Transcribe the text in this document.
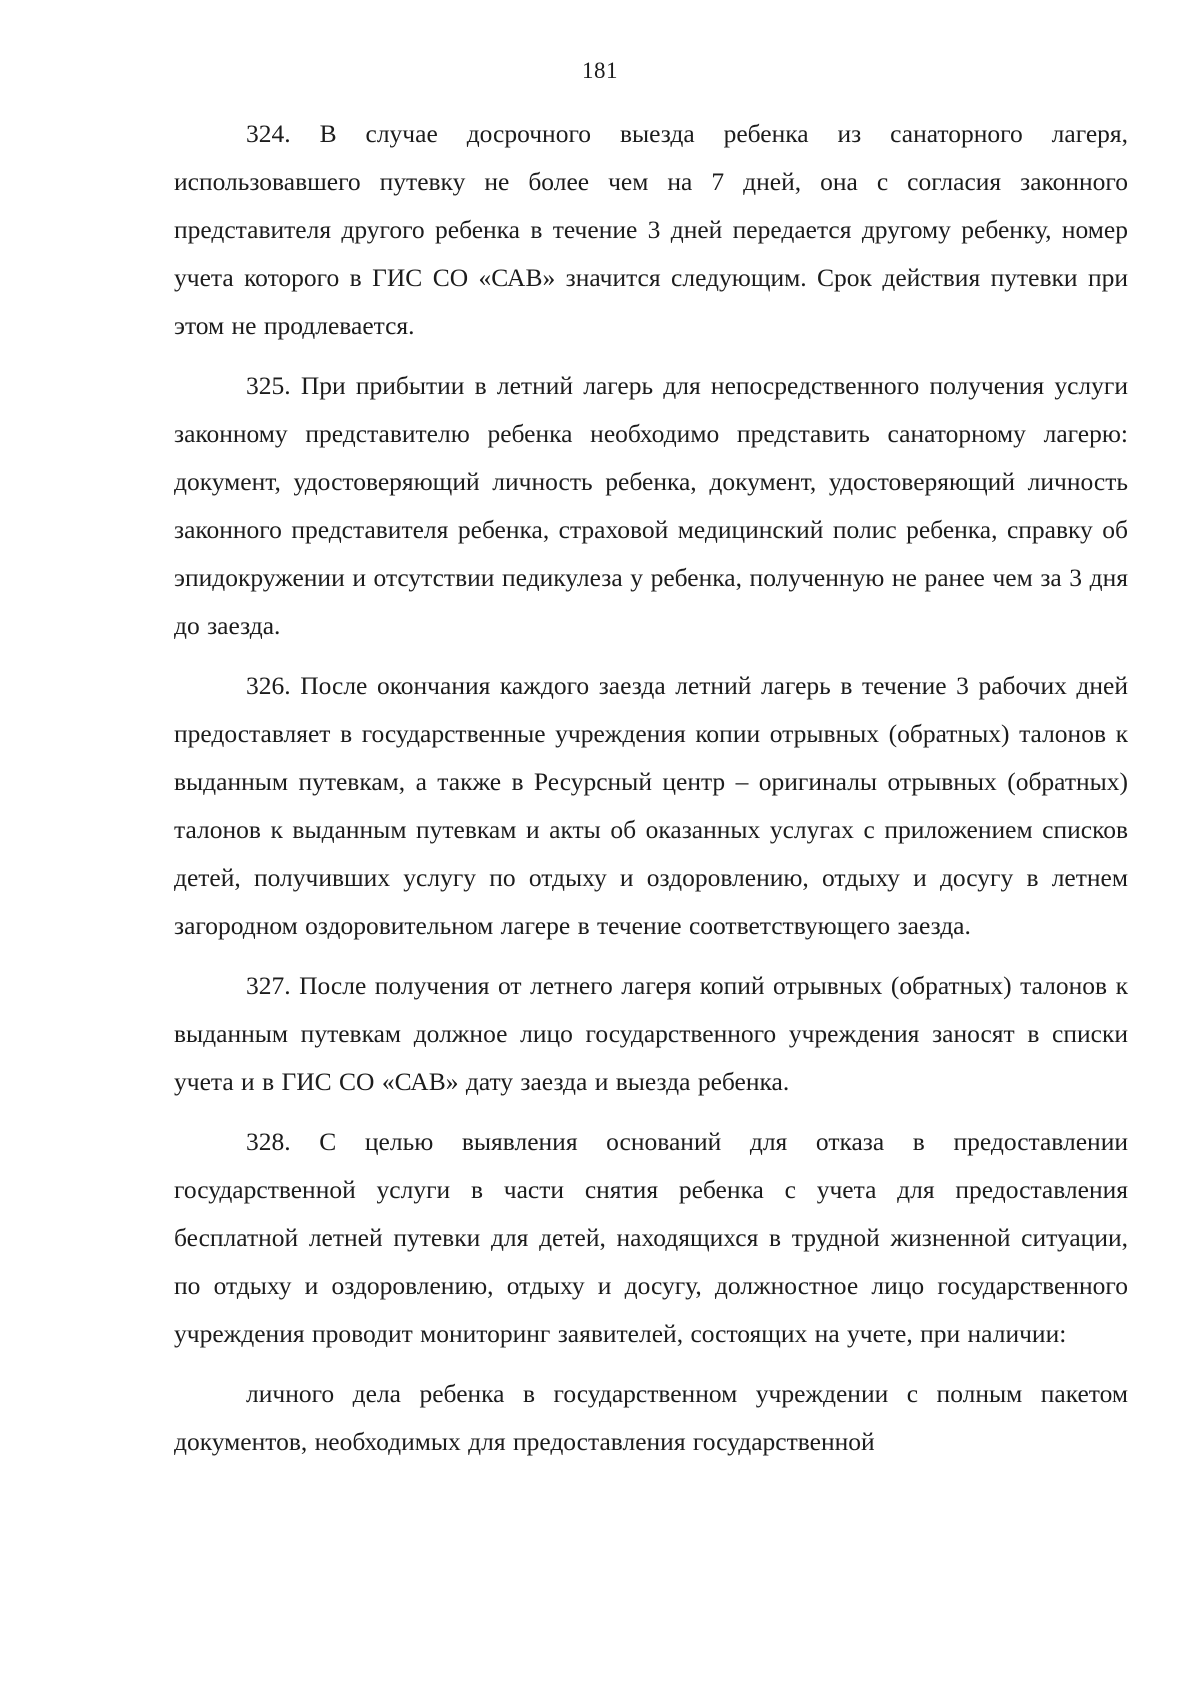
181

324. В случае досрочного выезда ребенка из санаторного лагеря, использовавшего путевку не более чем на 7 дней, она с согласия законного представителя другого ребенка в течение 3 дней передается другому ребенку, номер учета которого в ГИС СО «САВ» значится следующим. Срок действия путевки при этом не продлевается.

325. При прибытии в летний лагерь для непосредственного получения услуги законному представителю ребенка необходимо представить санаторному лагерю: документ, удостоверяющий личность ребенка, документ, удостоверяющий личность законного представителя ребенка, страховой медицинский полис ребенка, справку об эпидокружении и отсутствии педикулеза у ребенка, полученную не ранее чем за 3 дня до заезда.

326. После окончания каждого заезда летний лагерь в течение 3 рабочих дней предоставляет в государственные учреждения копии отрывных (обратных) талонов к выданным путевкам, а также в Ресурсный центр – оригиналы отрывных (обратных) талонов к выданным путевкам и акты об оказанных услугах с приложением списков детей, получивших услугу по отдыху и оздоровлению, отдыху и досугу в летнем загородном оздоровительном лагере в течение соответствующего заезда.

327. После получения от летнего лагеря копий отрывных (обратных) талонов к выданным путевкам должное лицо государственного учреждения заносят в списки учета и в ГИС СО «САВ» дату заезда и выезда ребенка.

328. С целью выявления оснований для отказа в предоставлении государственной услуги в части снятия ребенка с учета для предоставления бесплатной летней путевки для детей, находящихся в трудной жизненной ситуации, по отдыху и оздоровлению, отдыху и досугу, должностное лицо государственного учреждения проводит мониторинг заявителей, состоящих на учете, при наличии:

личного дела ребенка в государственном учреждении с полным пакетом документов, необходимых для предоставления государственной
